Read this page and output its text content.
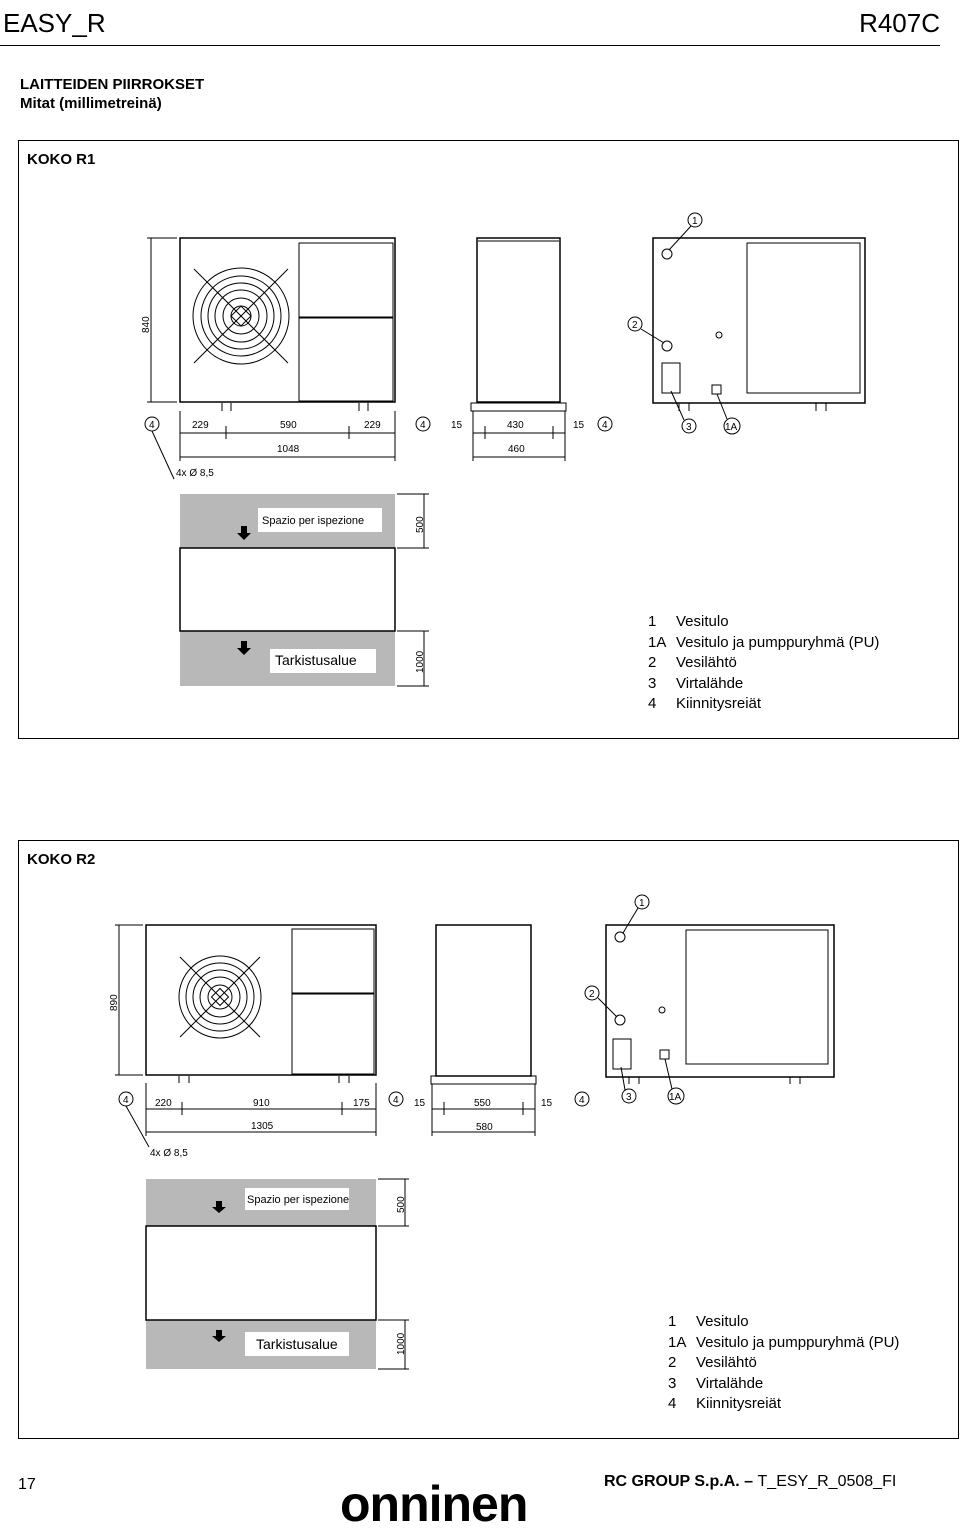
EASY_R	R407C
LAITTEIDEN PIIRROKSET
Mitat (millimetreinä)
KOKO R1
840
229	590	229
1048
15	430	15
460
4x Ø 8,5
4	4	4
1
2
3	1A
Spazio per ispezione
Tarkistusalue
500
1000
1 Vesitulo
1A Vesitulo ja pumppuryhmä (PU)
2 Vesilähtö
3 Virtalähde
4 Kiinnitysreiät
KOKO R2
890
220	910	175
1305
15	550	15
580
4x Ø 8,5
4	4	4
1
2
3	1A
Spazio per ispezione
Tarkistusalue
500
1000
1 Vesitulo
1A Vesitulo ja pumppuryhmä (PU)
2 Vesilähtö
3 Virtalähde
4 Kiinnitysreiät
17	onninen	RC GROUP S.p.A. – T_ESY_R_0508_FI
